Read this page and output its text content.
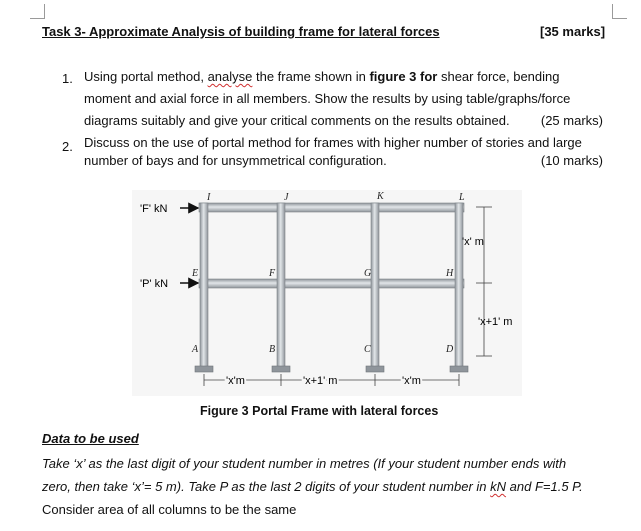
Task 3- Approximate Analysis of building frame for lateral forces	[35 marks]
1. Using portal method, analyse the frame shown in figure 3 for shear force, bending
moment and axial force in all members. Show the results by using table/graphs/force
diagrams suitably and give your critical comments on the results obtained. (25 marks)
2. Discuss on the use of portal method for frames with higher number of stories and large
number of bays and for unsymmetrical configuration.	(10 marks)
I	J	K	L
E	F	G	H
A	B	C	D
'F' kN
'P' kN
'x' m
'x+1' m
'x'm	'x+1' m	'x'm
Figure 3 Portal Frame with lateral forces
Data to be used
Take ‘x’ as the last digit of your student number in metres (If your student number ends with
zero, then take ‘x’= 5 m). Take P as the last 2 digits of your student number in kN and F=1.5 P.
Consider area of all columns to be the same
